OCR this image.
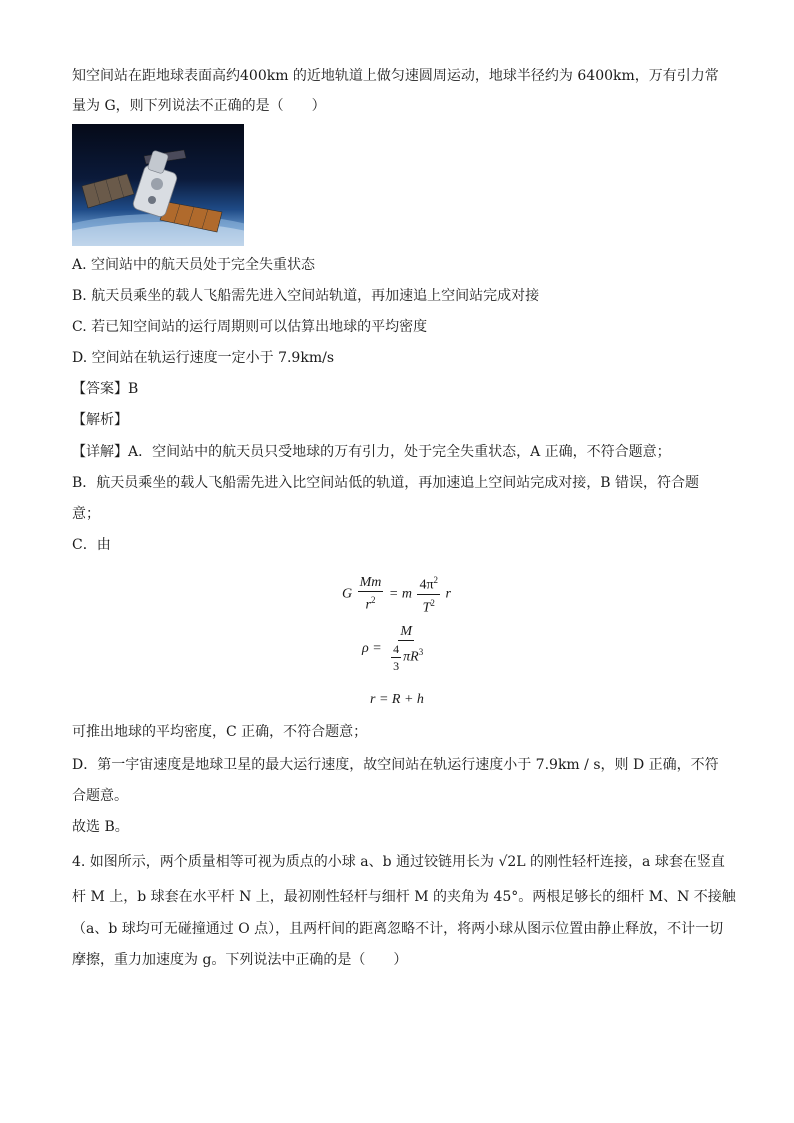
知空间站在距地球表面高约400km 的近地轨道上做匀速圆周运动，地球半径约为 6400km，万有引力常
量为 G，则下列说法不正确的是（　　）
A. 空间站中的航天员处于完全失重状态
B. 航天员乘坐的载人飞船需先进入空间站轨道，再加速追上空间站完成对接
C. 若已知空间站的运行周期则可以估算出地球的平均密度
D. 空间站在轨运行速度一定小于 7.9km/s
【答案】B
【解析】
【详解】A．空间站中的航天员只受地球的万有引力，处于完全失重状态，A 正确，不符合题意；
B．航天员乘坐的载人飞船需先进入比空间站低的轨道，再加速追上空间站完成对接，B 错误，符合题
意；
C．由
G $\frac{Mm}{r^2} = m \frac{4\pi^2}{T^2}$ r
$\rho = \frac{M}{\frac{4}{3} \pi R^3}$
r = R + h
可推出地球的平均密度，C 正确，不符合题意；
D．第一宇宙速度是地球卫星的最大运行速度，故空间站在轨运行速度小于 7.9km / s，则 D 正确，不符
合题意。
故选 B。
4. 如图所示，两个质量相等可视为质点的小球 a、b 通过铰链用长为 √2L 的刚性轻杆连接，a 球套在竖直
杆 M 上，b 球套在水平杆 N 上，最初刚性轻杆与细杆 M 的夹角为 45°。两根足够长的细杆 M、N 不接触
（a、b 球均可无碰撞通过 O 点），且两杆间的距离忽略不计，将两小球从图示位置由静止释放，不计一切
摩擦，重力加速度为 g。下列说法中正确的是（　　）
